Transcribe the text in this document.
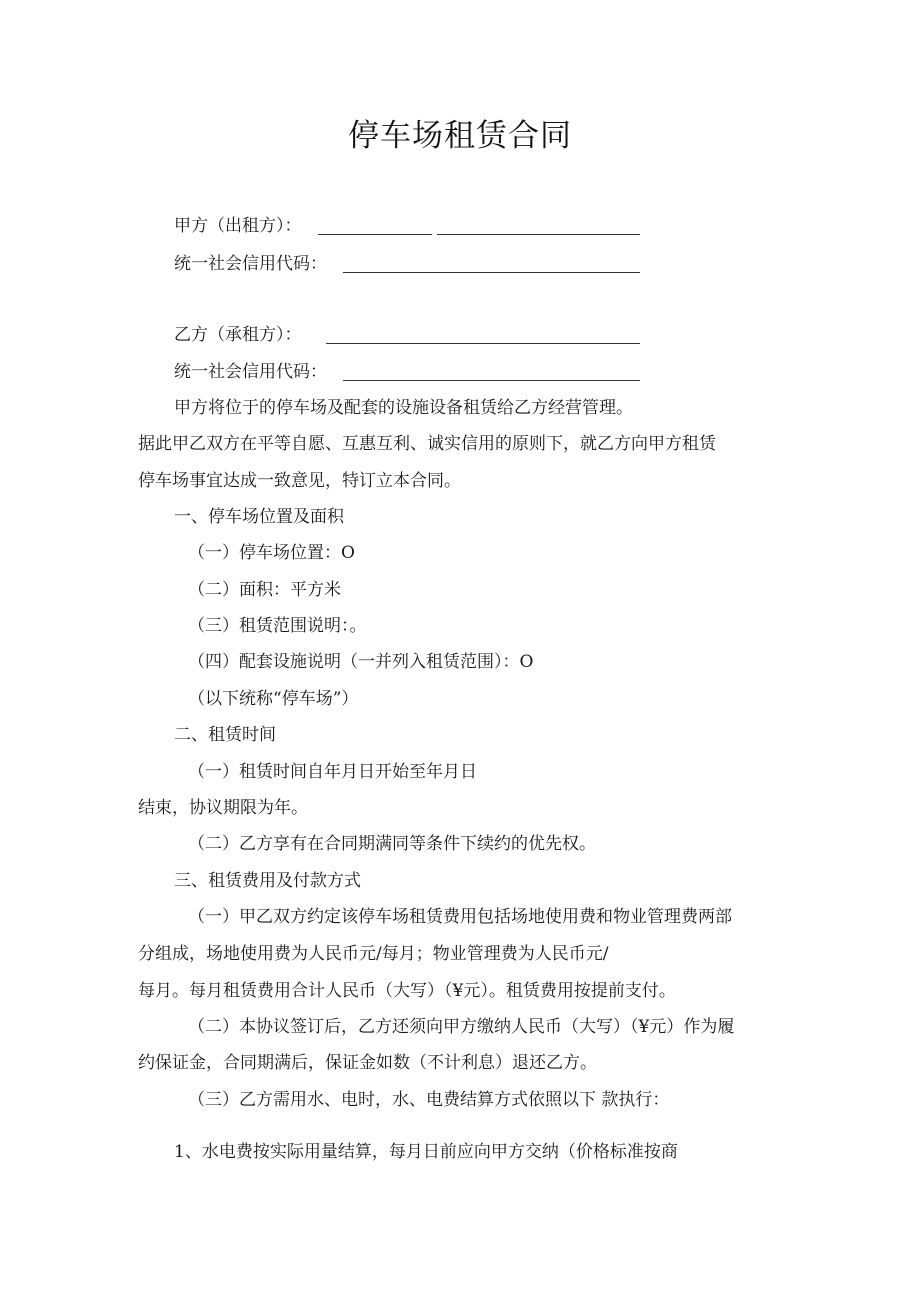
停车场租赁合同
甲方（出租方）：
统一社会信用代码：
乙方（承租方）：
统一社会信用代码：
甲方将位于的停车场及配套的设施设备租赁给乙方经营管理。
据此甲乙双方在平等自愿、互惠互利、诚实信用的原则下，就乙方向甲方租赁
停车场事宜达成一致意见，特订立本合同。
一、停车场位置及面积
（一）停车场位置：O
（二）面积：平方米
（三）租赁范围说明：。
（四）配套设施说明（一并列入租赁范围）：O
（以下统称“停车场”）
二、租赁时间
（一）租赁时间自年月日开始至年月日
结束，协议期限为年。
（二）乙方享有在合同期满同等条件下续约的优先权。
三、租赁费用及付款方式
（一）甲乙双方约定该停车场租赁费用包括场地使用费和物业管理费两部
分组成，场地使用费为人民币元/每月；物业管理费为人民币元/
每月。每月租赁费用合计人民币（大写）（¥元）。租赁费用按提前支付。
（二）本协议签订后，乙方还须向甲方缴纳人民币（大写）（¥元）作为履
约保证金，合同期满后，保证金如数（不计利息）退还乙方。
（三）乙方需用水、电时，水、电费结算方式依照以下 款执行：
1、水电费按实际用量结算，每月日前应向甲方交纳（价格标准按商
